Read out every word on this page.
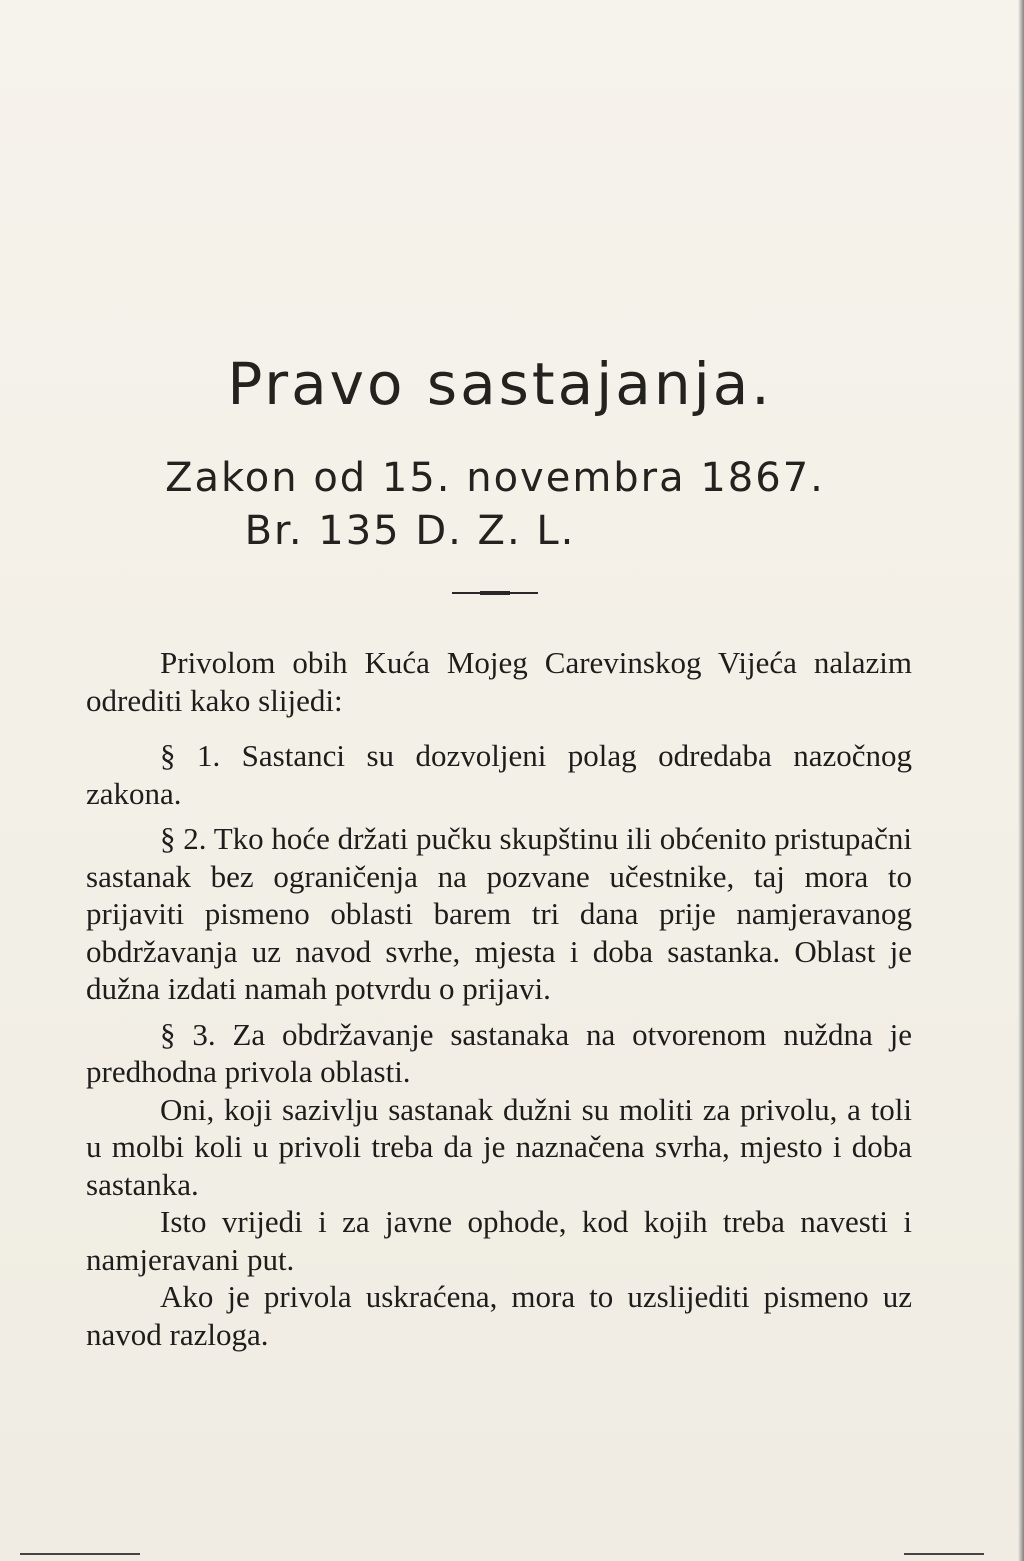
Pravo sastajanja.
Zakon od 15. novembra 1867.
Br. 135 D. Z. L.

Privolom obih Kuća Mojeg Carevinskog Vijeća nalazim odrediti kako slijedi:

§ 1. Sastanci su dozvoljeni polag odredaba nazočnog zakona.

§ 2. Tko hoće držati pučku skupštinu ili obćenito pristupačni sastanak bez ograničenja na pozvane učestnike, taj mora to prijaviti pismeno oblasti barem tri dana prije namjeravanog obdržavanja uz navod svrhe, mjesta i doba sastanka. Oblast je dužna izdati namah potvrdu o prijavi.

§ 3. Za obdržavanje sastanaka na otvorenom nuždna je predhodna privola oblasti.

Oni, koji sazivlju sastanak dužni su moliti za privolu, a toli u molbi koli u privoli treba da je naznačena svrha, mjesto i doba sastanka.

Isto vrijedi i za javne ophode, kod kojih treba navesti i namjeravani put.

Ako je privola uskraćena, mora to uzslijediti pismeno uz navod razloga.
